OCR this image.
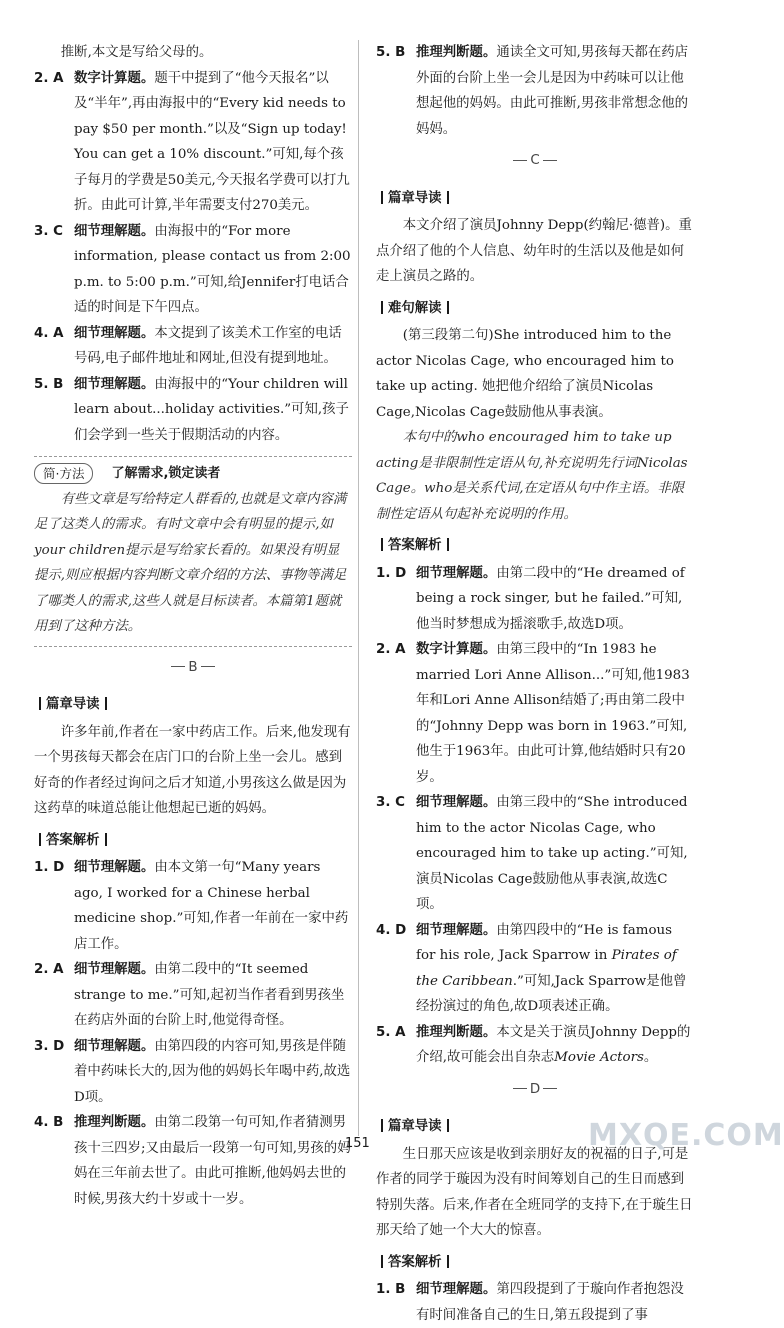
推断,本文是写给父母的。

2. A 数字计算题。题干中提到了“他今天报名”以及“半年”,再由海报中的“Every kid needs to pay $50 per month.”以及“Sign up today! You can get a 10% discount.”可知,每个孩子每月的学费是50美元,今天报名学费可以打九折。由此可计算,半年需要支付270美元。
3. C 细节理解题。由海报中的“For more information, please contact us from 2:00 p.m. to 5:00 p.m.”可知,给Jennifer打电话合适的时间是下午四点。
4. A 细节理解题。本文提到了该美术工作室的电话号码,电子邮件地址和网址,但没有提到地址。
5. B 细节理解题。由海报中的“Your children will learn about...holiday activities.”可知,孩子们会学到一些关于假期活动的内容。
简·方法	了解需求,锁定读者

有些文章是写给特定人群看的,也就是文章内容满足了这类人的需求。有时文章中会有明显的提示,如your children提示是写给家长看的。如果没有明显提示,则应根据内容判断文章介绍的方法、事物等满足了哪类人的需求,这些人就是目标读者。本篇第1题就用到了这种方法。

B
篇章导读

许多年前,作者在一家中药店工作。后来,他发现有一个男孩每天都会在店门口的台阶上坐一会儿。感到好奇的作者经过询问之后才知道,小男孩这么做是因为这药草的味道总能让他想起已逝的妈妈。

答案解析
1. D 细节理解题。由本文第一句“Many years ago, I worked for a Chinese herbal medicine shop.”可知,作者一年前在一家中药店工作。
2. A 细节理解题。由第二段中的“It seemed strange to me.”可知,起初当作者看到男孩坐在药店外面的台阶上时,他觉得奇怪。
3. D 细节理解题。由第四段的内容可知,男孩是伴随着中药味长大的,因为他的妈妈长年喝中药,故选D项。
4. B 推理判断题。由第二段第一句可知,作者猜测男孩十三四岁;又由最后一段第一句可知,男孩的妈妈在三年前去世了。由此可推断,他妈妈去世的时候,男孩大约十岁或十一岁。
5. B 推理判断题。通读全文可知,男孩每天都在药店外面的台阶上坐一会儿是因为中药味可以让他想起他的妈妈。由此可推断,男孩非常想念他的妈妈。
C
篇章导读

本文介绍了演员Johnny Depp(约翰尼·德普)。重点介绍了他的个人信息、幼年时的生活以及他是如何走上演员之路的。

难句解读

(第三段第二句)She introduced him to the actor Nicolas Cage, who encouraged him to take up acting. 她把他介绍给了演员Nicolas Cage,Nicolas Cage鼓励他从事表演。

本句中的who encouraged him to take up acting是非限制性定语从句,补充说明先行词Nicolas Cage。who是关系代词,在定语从句中作主语。非限制性定语从句起补充说明的作用。

答案解析
1. D 细节理解题。由第二段中的“He dreamed of being a rock singer, but he failed.”可知,他当时梦想成为摇滚歌手,故选D项。
2. A 数字计算题。由第三段中的“In 1983 he married Lori Anne Allison...”可知,他1983年和Lori Anne Allison结婚了;再由第二段中的“Johnny Depp was born in 1963.”可知,他生于1963年。由此可计算,他结婚时只有20岁。
3. C 细节理解题。由第三段中的“She introduced him to the actor Nicolas Cage, who encouraged him to take up acting.”可知,演员Nicolas Cage鼓励他从事表演,故选C项。
4. D 细节理解题。由第四段中的“He is famous for his role, Jack Sparrow in Pirates of the Caribbean.”可知,Jack Sparrow是他曾经扮演过的角色,故D项表述正确。
5. A 推理判断题。本文是关于演员Johnny Depp的介绍,故可能会出自杂志Movie Actors。
D
篇章导读

生日那天应该是收到亲朋好友的祝福的日子,可是作者的同学于璇因为没有时间筹划自己的生日而感到特别失落。后来,作者在全班同学的支持下,在于璇生日那天给了她一个大大的惊喜。

答案解析
1. B 细节理解题。第四段提到了于璇向作者抱怨没有时间准备自己的生日,第五段提到了事
151	MXQE.COM
